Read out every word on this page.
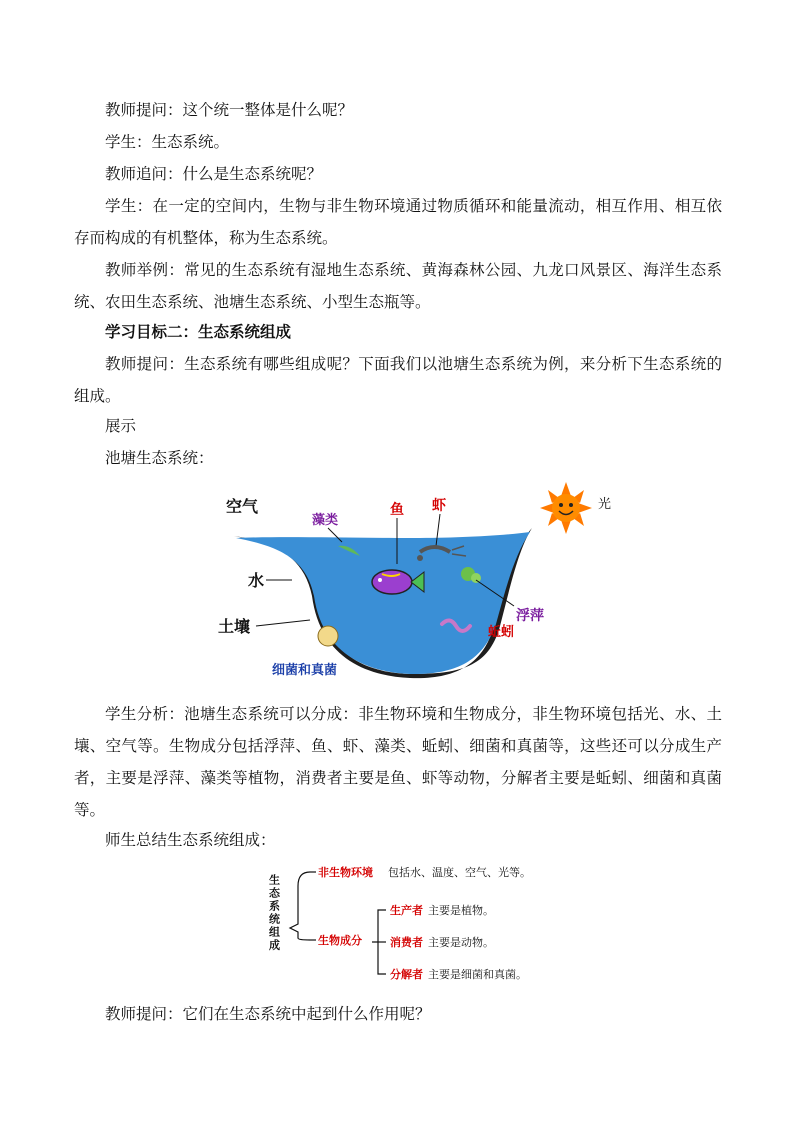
教师提问：这个统一整体是什么呢？

学生：生态系统。

教师追问：什么是生态系统呢？

学生：在一定的空间内，生物与非生物环境通过物质循环和能量流动，相互作用、相互依存而构成的有机整体，称为生态系统。

教师举例：常见的生态系统有湿地生态系统、黄海森林公园、九龙口风景区、海洋生态系统、农田生态系统、池塘生态系统、小型生态瓶等。

学习目标二：生态系统组成

教师提问：生态系统有哪些组成呢？下面我们以池塘生态系统为例，来分析下生态系统的组成。

展示

池塘生态系统：

光
空气
藻类
鱼 虾
浮萍
蚯蚓
水
土壤
细菌和真菌

学生分析：池塘生态系统可以分成：非生物环境和生物成分，非生物环境包括光、水、土壤、空气等。生物成分包括浮萍、鱼、虾、藻类、蚯蚓、细菌和真菌等，这些还可以分成生产者，主要是浮萍、藻类等植物，消费者主要是鱼、虾等动物，分解者主要是蚯蚓、细菌和真菌等。

师生总结生态系统组成：

生态系统组成
非生物环境 包括水、温度、空气、光等。
生物成分
生产者 主要是植物。
消费者 主要是动物。
分解者 主要是细菌和真菌。

教师提问：它们在生态系统中起到什么作用呢？
